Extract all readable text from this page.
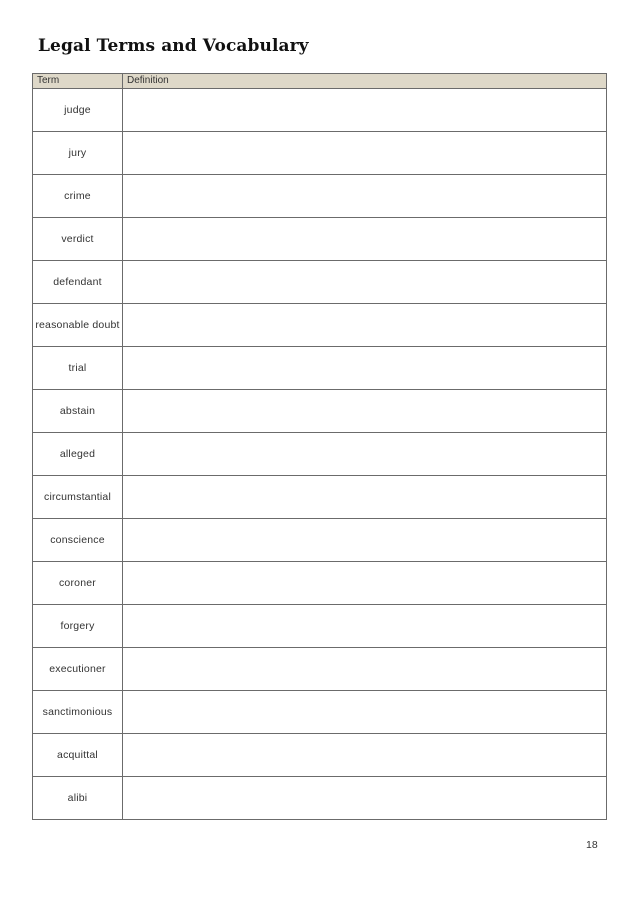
Legal Terms and Vocabulary
Term	Definition
judge	
jury	
crime	
verdict	
defendant	
reasonable doubt	
trial	
abstain	
alleged	
circumstantial	
conscience	
coroner	
forgery	
executioner	
sanctimonious	
acquittal	
alibi	
18
